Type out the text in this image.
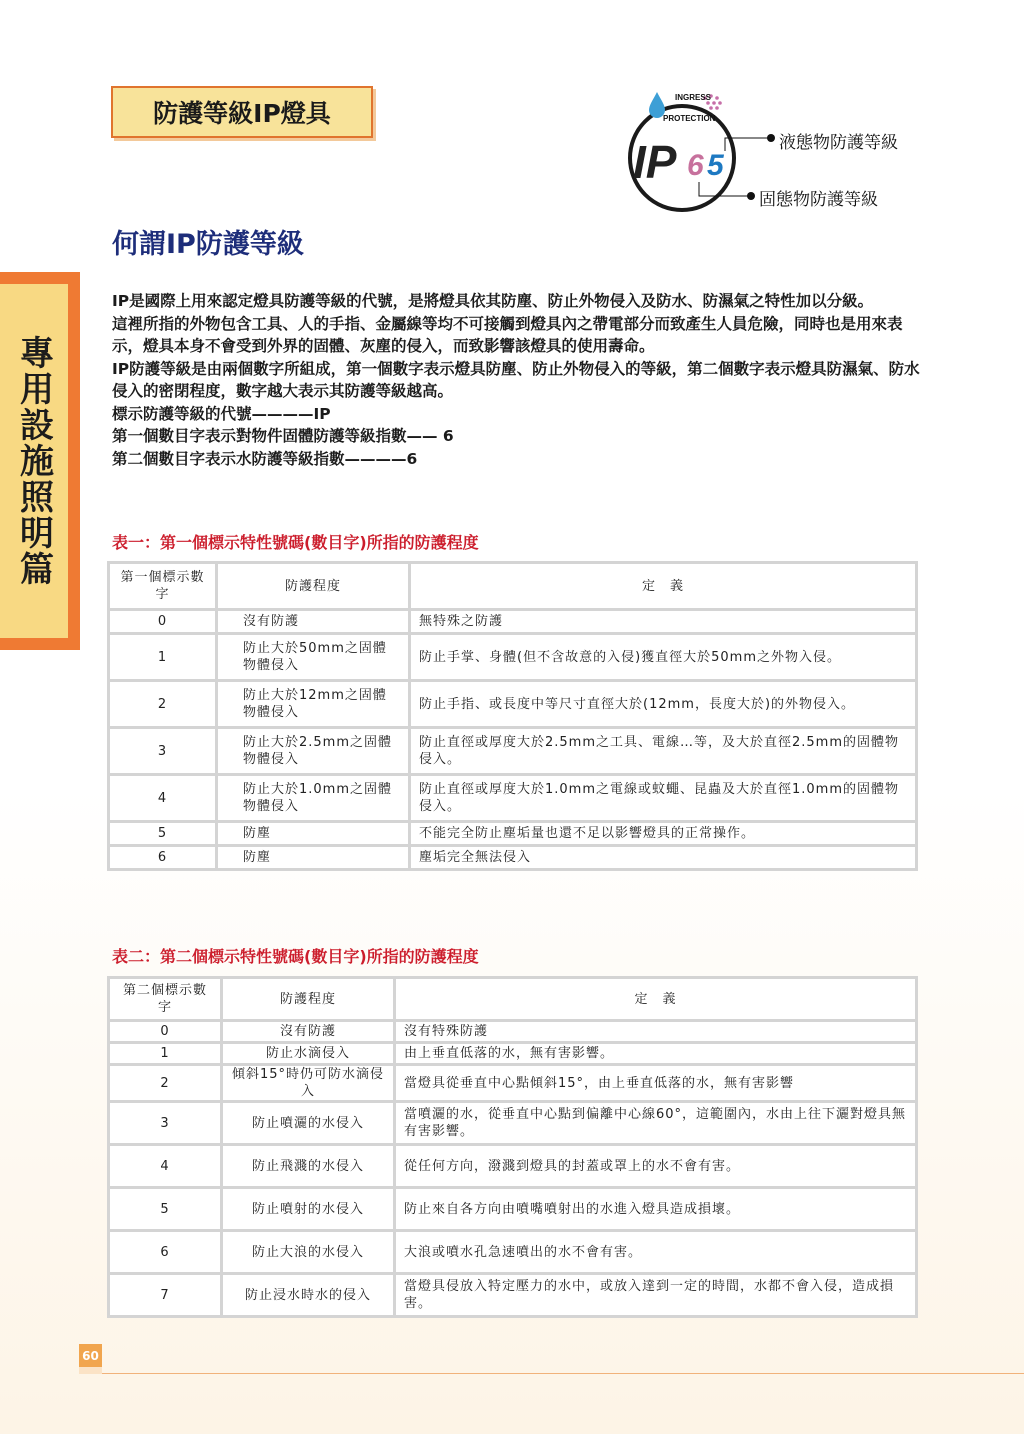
防護等級IP燈具
專用設施照明篇
INGRESS
PROTECTION
IP 6 5
液態物防護等級
固態物防護等級
何謂IP防護等級

IP是國際上用來認定燈具防護等級的代號，是將燈具依其防塵、防止外物侵入及防水、防濕氣之特性加以分級。

這裡所指的外物包含工具、人的手指、金屬線等均不可接觸到燈具內之帶電部分而致產生人員危險，同時也是用來表示，燈具本身不會受到外界的固體、灰塵的侵入，而致影響該燈具的使用壽命。

IP防護等級是由兩個數字所組成，第一個數字表示燈具防塵、防止外物侵入的等級，第二個數字表示燈具防濕氣、防水侵入的密閉程度，數字越大表示其防護等級越高。

標示防護等級的代號————IP

第一個數目字表示對物件固體防護等級指數—— 6

第二個數目字表示水防護等級指數————6

表一：第一個標示特性號碼(數目字)所指的防護程度
第一個標示數字	防護程度	定　義
0	沒有防護	無特殊之防護
1	防止大於50mm之固體物體侵入	防止手掌、身體(但不含故意的入侵)獲直徑大於50mm之外物入侵。
2	防止大於12mm之固體物體侵入	防止手指、或長度中等尺寸直徑大於(12mm，長度大於)的外物侵入。
3	防止大於2.5mm之固體物體侵入	防止直徑或厚度大於2.5mm之工具、電線…等，及大於直徑2.5mm的固體物侵入。
4	防止大於1.0mm之固體物體侵入	防止直徑或厚度大於1.0mm之電線或蚊蠅、昆蟲及大於直徑1.0mm的固體物侵入。
5	防塵	不能完全防止塵垢量也還不足以影響燈具的正常操作。
6	防塵	塵垢完全無法侵入
表二：第二個標示特性號碼(數目字)所指的防護程度
第二個標示數字	防護程度	定　義
0	沒有防護	沒有特殊防護
1	防止水滴侵入	由上垂直低落的水，無有害影響。
2	傾斜15°時仍可防水滴侵入	當燈具從垂直中心點傾斜15°，由上垂直低落的水，無有害影響
3	防止噴灑的水侵入	當噴灑的水，從垂直中心點到偏離中心線60°，這範圍內，水由上往下灑對燈具無有害影響。
4	防止飛濺的水侵入	從任何方向，潑濺到燈具的封蓋或罩上的水不會有害。
5	防止噴射的水侵入	防止來自各方向由噴嘴噴射出的水進入燈具造成損壞。
6	防止大浪的水侵入	大浪或噴水孔急速噴出的水不會有害。
7	防止浸水時水的侵入	當燈具侵放入特定壓力的水中，或放入達到一定的時間，水都不會入侵，造成損害。
60
